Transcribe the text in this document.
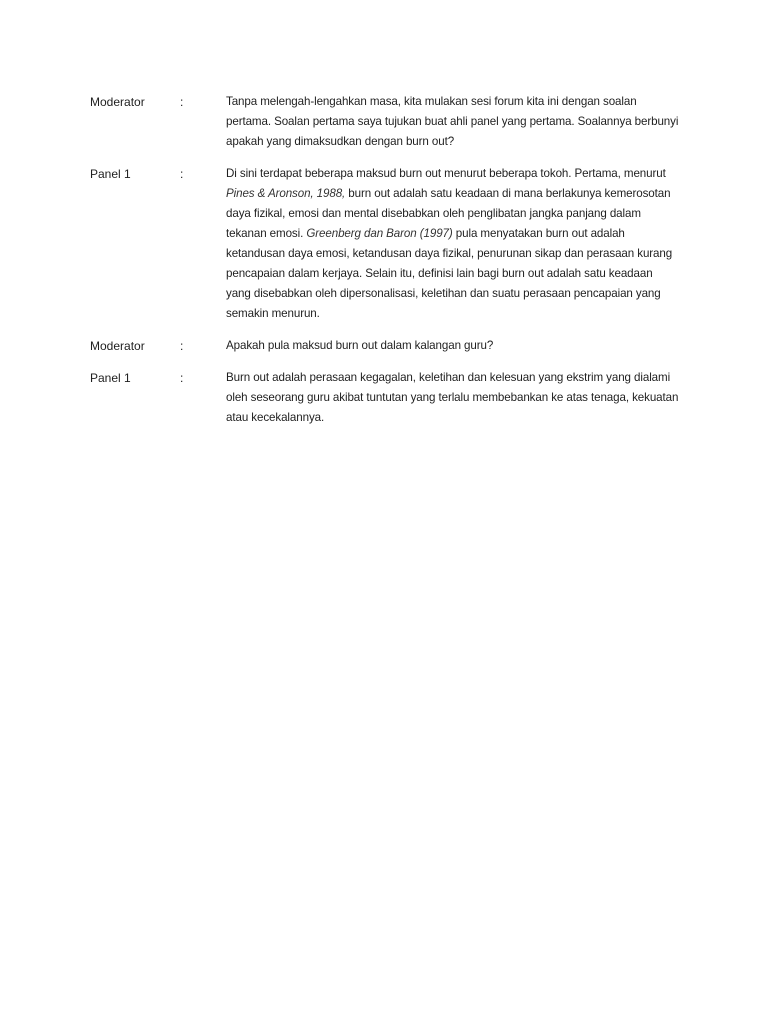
Moderator	:	Tanpa melengah-lengahkan masa, kita mulakan sesi forum kita ini dengan soalan pertama. Soalan pertama saya tujukan buat ahli panel yang pertama. Soalannya berbunyi apakah yang dimaksudkan dengan burn out?
Panel 1	:	Di sini terdapat beberapa maksud burn out menurut beberapa tokoh. Pertama, menurut Pines & Aronson, 1988, burn out adalah satu keadaan di mana berlakunya kemerosotan daya fizikal, emosi dan mental disebabkan oleh penglibatan jangka panjang dalam tekanan emosi. Greenberg dan Baron (1997) pula menyatakan burn out adalah ketandusan daya emosi, ketandusan daya fizikal, penurunan sikap dan perasaan kurang pencapaian dalam kerjaya. Selain itu, definisi lain bagi burn out adalah satu keadaan yang disebabkan oleh dipersonalisasi, keletihan dan suatu perasaan pencapaian yang semakin menurun.
Moderator	:	Apakah pula maksud burn out dalam kalangan guru?
Panel 1	:	Burn out adalah perasaan kegagalan, keletihan dan kelesuan yang ekstrim yang dialami oleh seseorang guru akibat tuntutan yang terlalu membebankan ke atas tenaga, kekuatan atau kecekalannya.
